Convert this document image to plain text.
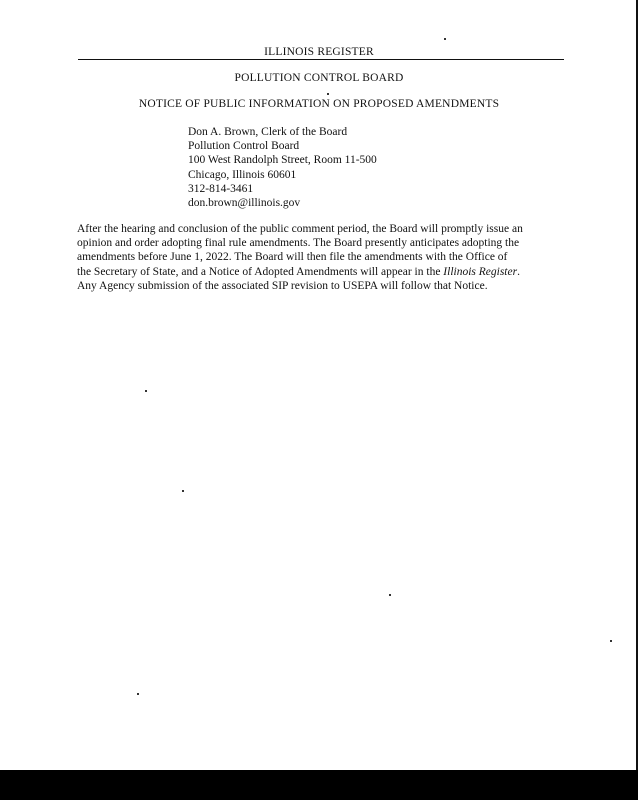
ILLINOIS REGISTER
POLLUTION CONTROL BOARD
NOTICE OF PUBLIC INFORMATION ON PROPOSED AMENDMENTS
Don A. Brown, Clerk of the Board
Pollution Control Board
100 West Randolph Street, Room 11-500
Chicago, Illinois 60601
312-814-3461
don.brown@illinois.gov
After the hearing and conclusion of the public comment period, the Board will promptly issue an
opinion and order adopting final rule amendments. The Board presently anticipates adopting the
amendments before June 1, 2022. The Board will then file the amendments with the Office of
the Secretary of State, and a Notice of Adopted Amendments will appear in the Illinois Register.
Any Agency submission of the associated SIP revision to USEPA will follow that Notice.
